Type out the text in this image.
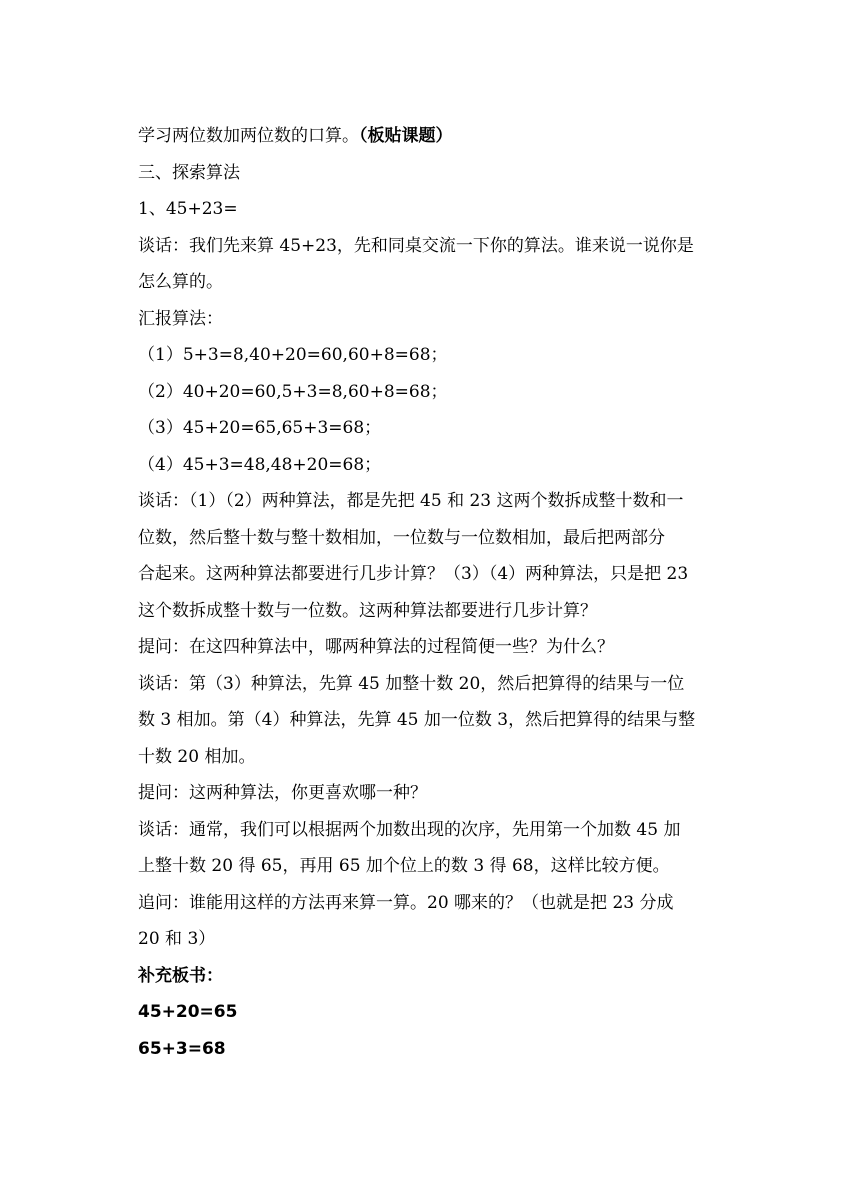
学习两位数加两位数的口算。（板贴课题）
三、探索算法
1、45+23=
谈话：我们先来算 45+23，先和同桌交流一下你的算法。谁来说一说你是
怎么算的。
汇报算法：
（1）5+3=8,40+20=60,60+8=68；
（2）40+20=60,5+3=8,60+8=68；
（3）45+20=65,65+3=68；
（4）45+3=48,48+20=68；
谈话：（1）（2）两种算法，都是先把 45 和 23 这两个数拆成整十数和一
位数，然后整十数与整十数相加，一位数与一位数相加，最后把两部分
合起来。这两种算法都要进行几步计算？（3）（4）两种算法，只是把 23
这个数拆成整十数与一位数。这两种算法都要进行几步计算？
提问：在这四种算法中，哪两种算法的过程简便一些？为什么？
谈话：第（3）种算法，先算 45 加整十数 20，然后把算得的结果与一位
数 3 相加。第（4）种算法，先算 45 加一位数 3，然后把算得的结果与整
十数 20 相加。
提问：这两种算法，你更喜欢哪一种？
谈话：通常，我们可以根据两个加数出现的次序，先用第一个加数 45 加
上整十数 20 得 65，再用 65 加个位上的数 3 得 68，这样比较方便。
追问：谁能用这样的方法再来算一算。20 哪来的？（也就是把 23 分成
20 和 3）
补充板书：
45+20=65
65+3=68
